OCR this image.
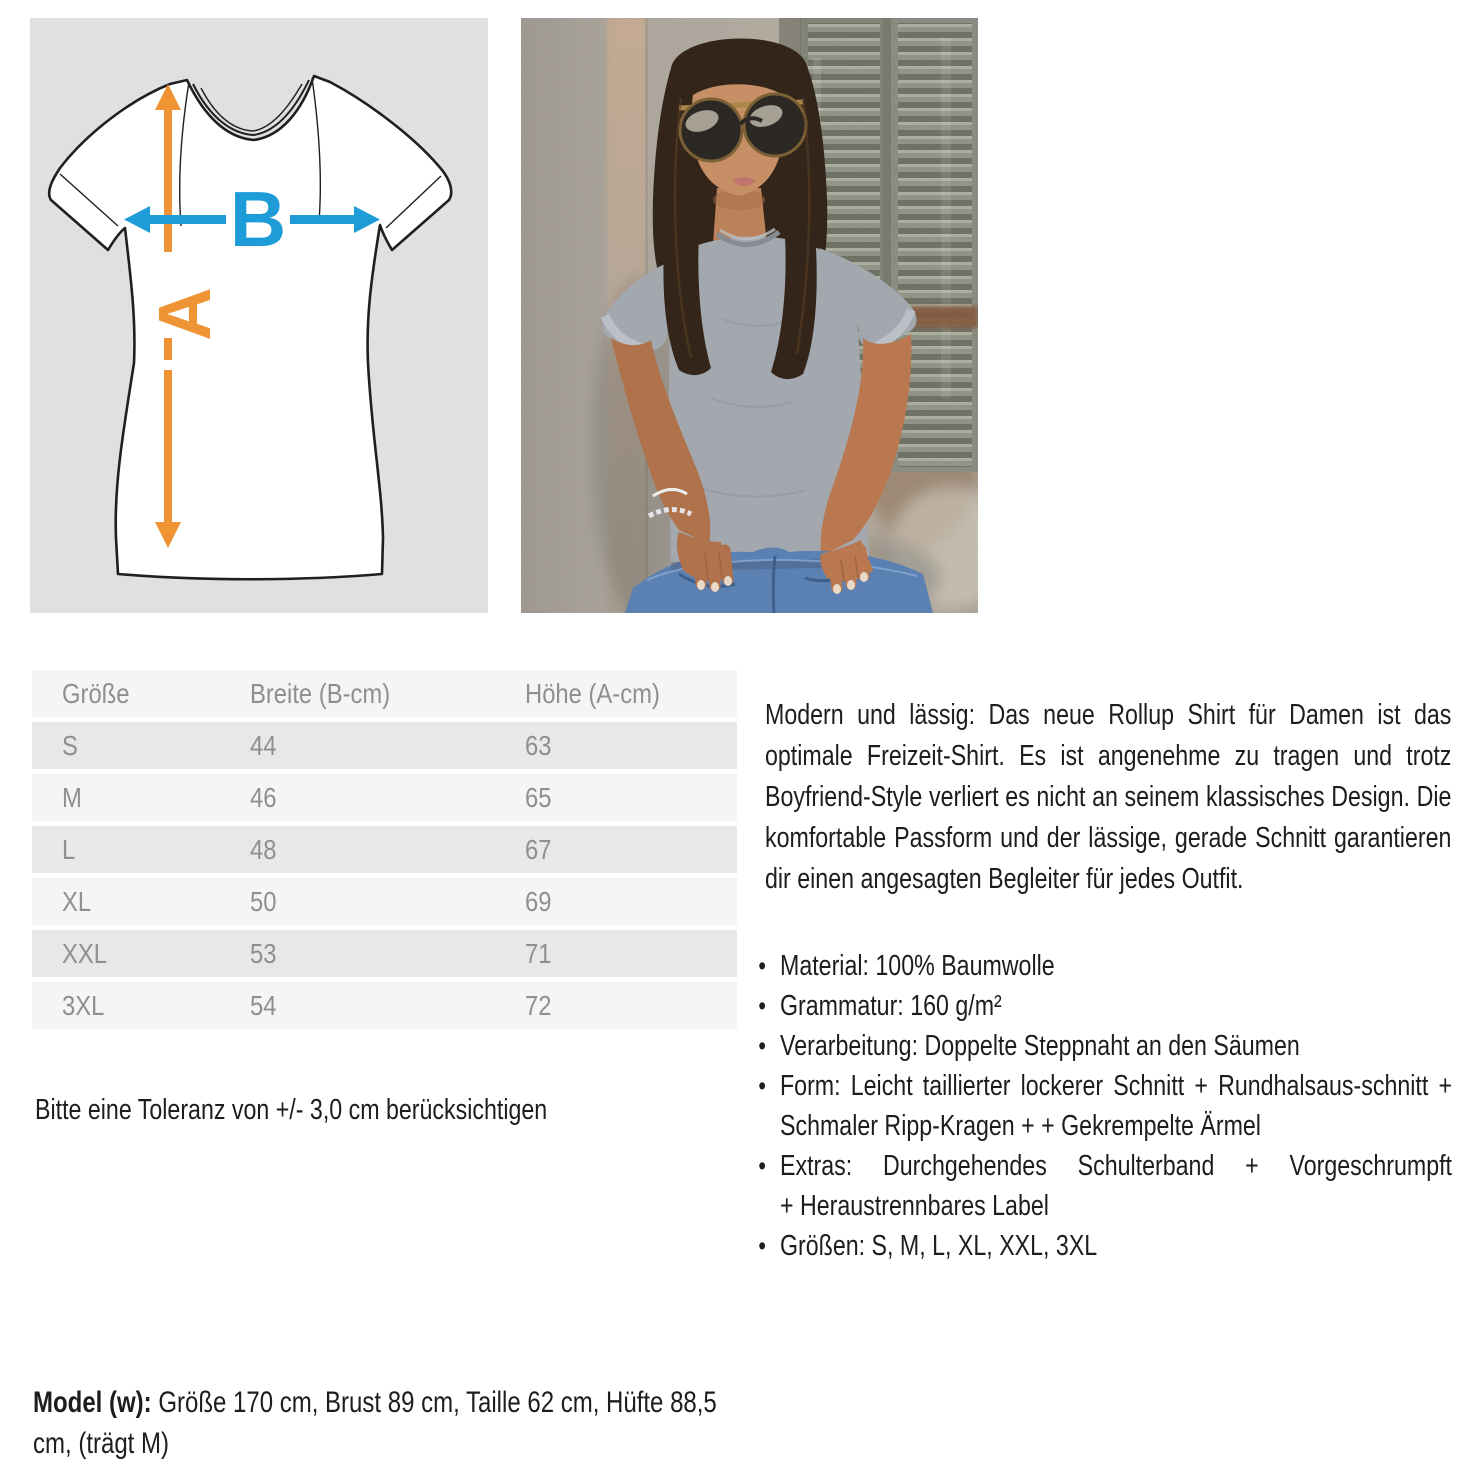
A
B
Größe	Breite (B-cm)	Höhe (A-cm)
S	44	63
M	46	65
L	48	67
XL	50	69
XXL	53	71
3XL	54	72
Bitte eine Toleranz von +/- 3,0 cm berücksichtigen

Modern und lässig: Das neue Rollup Shirt für Damen ist das optimale Freizeit-Shirt. Es ist angenehme zu tragen und trotz Boyfriend-Style verliert es nicht an seinem klassisches Design. Die komfortable Passform und der lässige, gerade Schnitt garantieren dir einen angesagten Begleiter für jedes Outfit.

• Material: 100% Baumwolle
• Grammatur: 160 g/m²
• Verarbeitung: Doppelte Steppnaht an den Säumen
• Form: Leicht taillierter lockerer Schnitt + Rundhalsaus-schnitt + Schmaler Ripp-Kragen + + Gekrempelte Ärmel
• Extras: Durchgehendes Schulterband + Vorgeschrumpft + Heraustrennbares Label
• Größen: S, M, L, XL, XXL, 3XL

Model (w): Größe 170 cm, Brust 89 cm, Taille 62 cm, Hüfte 88,5 cm, (trägt M)
